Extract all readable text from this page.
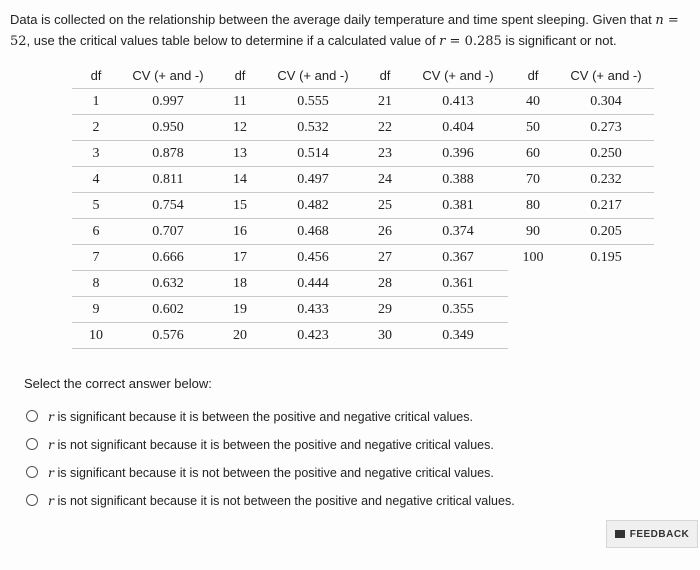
Data is collected on the relationship between the average daily temperature and time spent sleeping. Given that n = 52, use the critical values table below to determine if a calculated value of r = 0.285 is significant or not.
df	CV (+ and -)	df	CV (+ and -)	df	CV (+ and -)	df	CV (+ and -)
1	0.997	11	0.555	21	0.413	40	0.304
2	0.950	12	0.532	22	0.404	50	0.273
3	0.878	13	0.514	23	0.396	60	0.250
4	0.811	14	0.497	24	0.388	70	0.232
5	0.754	15	0.482	25	0.381	80	0.217
6	0.707	16	0.468	26	0.374	90	0.205
7	0.666	17	0.456	27	0.367	100	0.195
8	0.632	18	0.444	28	0.361		
9	0.602	19	0.433	29	0.355		
10	0.576	20	0.423	30	0.349		
Select the correct answer below:
r is significant because it is between the positive and negative critical values.
r is not significant because it is between the positive and negative critical values.
r is significant because it is not between the positive and negative critical values.
r is not significant because it is not between the positive and negative critical values.
FEEDBACK
